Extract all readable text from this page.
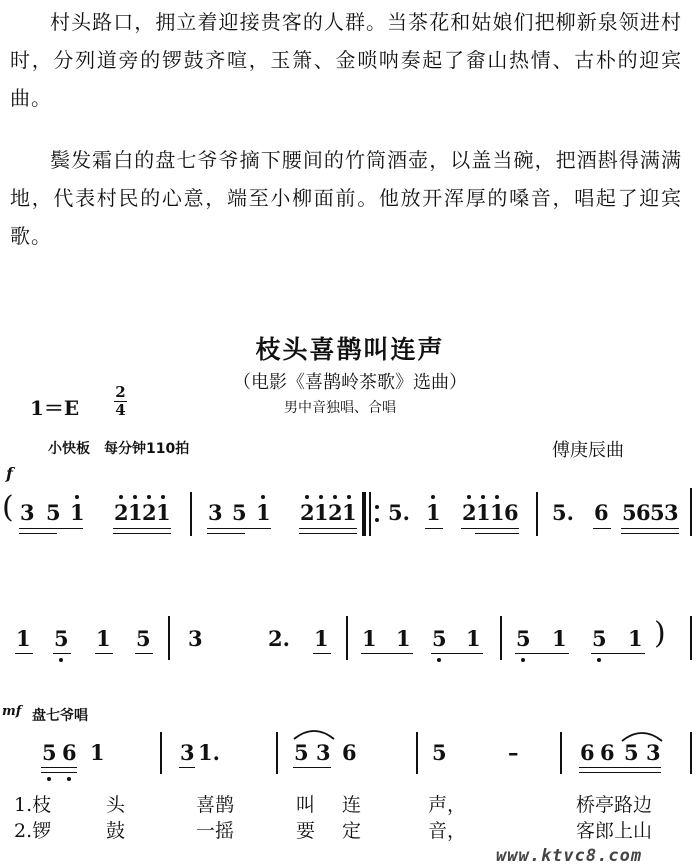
村头路口，拥立着迎接贵客的人群。当茶花和姑娘们把柳新泉领进村时，分列道旁的锣鼓齐喧，玉箫、金唢呐奏起了畲山热情、古朴的迎宾曲。

鬓发霜白的盘七爷爷摘下腰间的竹筒酒壶，以盖当碗，把酒斟得满满地，代表村民的心意，端至小柳面前。他放开浑厚的嗓音，唱起了迎宾歌。

枝头喜鹊叫连声
（电影《喜鹊岭茶歌》选曲）
1＝E
2
4	男中音独唱、合唱
小快板　每分钟110拍	傅庚辰曲
f
( 3 5 1 2 1 2 1 3 5 1 2 1 2 1 5. 1 2 1 1 6 5. 6 5 6 5 3
1 5 1 5 3	2. 1 1 1 5 1 5 1 5 1 )
mf 盘七爷唱
5 6 1	3 1.	5 3 6	5	–	6 6 5 3
1.枝	头	喜鹊	叫 连	声，	桥亭路边
2.锣	鼓	一摇	要 定	音，	客郎上山
www.ktvc8.com
